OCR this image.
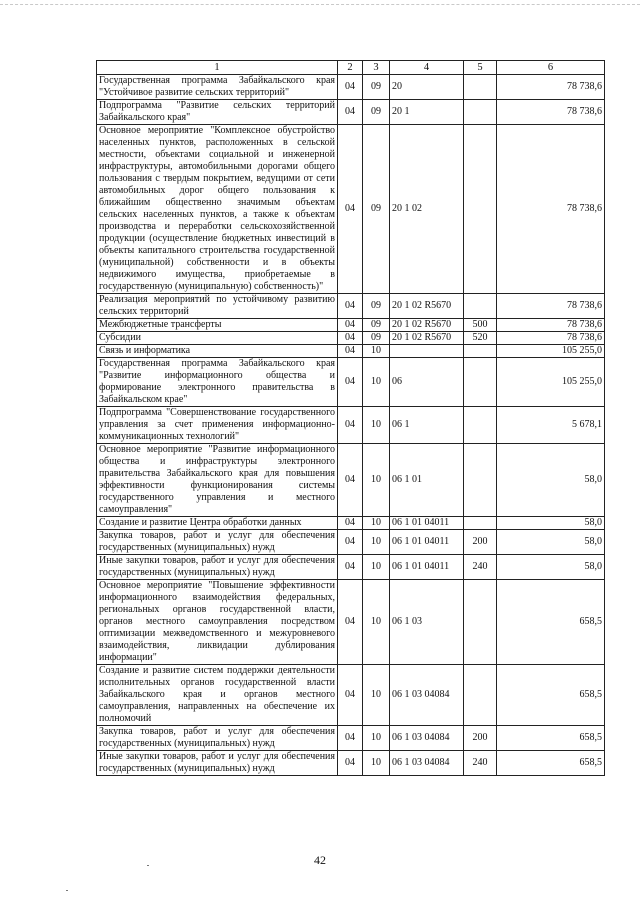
1	2	3	4	5	6
Государственная программа Забайкальского края "Устойчивое развитие сельских территорий"	04	09	20		78 738,6
Подпрограмма "Развитие сельских территорий Забайкальского края"	04	09	20 1		78 738,6
Основное мероприятие "Комплексное обустройство населенных пунктов, расположенных в сельской местности, объектами социальной и инженерной инфраструктуры, автомобильными дорогами общего пользования с твердым покрытием, ведущими от сети автомобильных дорог общего пользования к ближайшим общественно значимым объектам сельских населенных пунктов, а также к объектам производства и переработки сельскохозяйственной продукции (осуществление бюджетных инвестиций в объекты капитального строительства государственной (муниципальной) собственности и в объекты недвижимого имущества, приобретаемые в государственную (муниципальную) собственность)"	04	09	20 1 02		78 738,6
Реализация мероприятий по устойчивому развитию сельских территорий	04	09	20 1 02 R5670		78 738,6
Межбюджетные трансферты	04	09	20 1 02 R5670	500	78 738,6
Субсидии	04	09	20 1 02 R5670	520	78 738,6
Связь и информатика	04	10			105 255,0
Государственная программа Забайкальского края "Развитие информационного общества и формирование электронного правительства в Забайкальском крае"	04	10	06		105 255,0
Подпрограмма "Совершенствование государственного управления за счет применения информационно-коммуникационных технологий"	04	10	06 1		5 678,1
Основное мероприятие "Развитие информационного общества и инфраструктуры электронного правительства Забайкальского края для повышения эффективности функционирования системы государственного управления и местного самоуправления"	04	10	06 1 01		58,0
Создание и развитие Центра обработки данных	04	10	06 1 01 04011		58,0
Закупка товаров, работ и услуг для обеспечения государственных (муниципальных) нужд	04	10	06 1 01 04011	200	58,0
Иные закупки товаров, работ и услуг для обеспечения государственных (муниципальных) нужд	04	10	06 1 01 04011	240	58,0
Основное мероприятие "Повышение эффективности информационного взаимодействия федеральных, региональных органов государственной власти, органов местного самоуправления посредством оптимизации межведомственного и межуровневого взаимодействия, ликвидации дублирования информации"	04	10	06 1 03		658,5
Создание и развитие систем поддержки деятельности исполнительных органов государственной власти Забайкальского края и органов местного самоуправления, направленных на обеспечение их полномочий	04	10	06 1 03 04084		658,5
Закупка товаров, работ и услуг для обеспечения государственных (муниципальных) нужд	04	10	06 1 03 04084	200	658,5
Иные закупки товаров, работ и услуг для обеспечения государственных (муниципальных) нужд	04	10	06 1 03 04084	240	658,5
42
